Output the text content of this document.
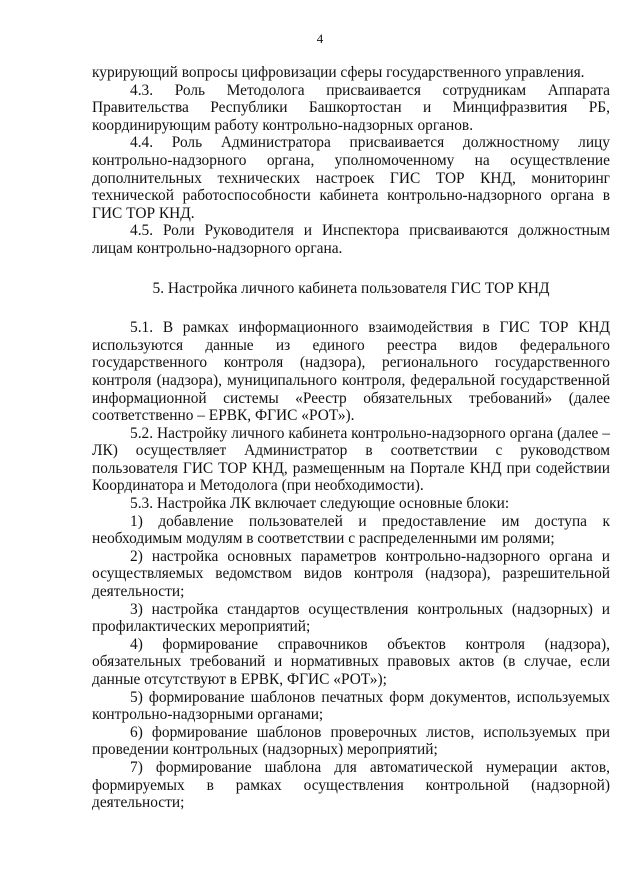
4

курирующий вопросы цифровизации сферы государственного управления.

4.3. Роль Методолога присваивается сотрудникам Аппарата Правительства Республики Башкортостан и Минцифразвития РБ, координирующим работу контрольно-надзорных органов.

4.4. Роль Администратора присваивается должностному лицу контрольно-надзорного органа, уполномоченному на осуществление дополнительных технических настроек ГИС ТОР КНД, мониторинг технической работоспособности кабинета контрольно-надзорного органа в ГИС ТОР КНД.

4.5. Роли Руководителя и Инспектора присваиваются должностным лицам контрольно-надзорного органа.

5. Настройка личного кабинета пользователя ГИС ТОР КНД

5.1. В рамках информационного взаимодействия в ГИС ТОР КНД используются данные из единого реестра видов федерального государственного контроля (надзора), регионального государственного контроля (надзора), муниципального контроля, федеральной государственной информационной системы «Реестр обязательных требований» (далее соответственно – ЕРВК, ФГИС «РОТ»).

5.2. Настройку личного кабинета контрольно-надзорного органа (далее – ЛК) осуществляет Администратор в соответствии с руководством пользователя ГИС ТОР КНД, размещенным на Портале КНД при содействии Координатора и Методолога (при необходимости).

5.3. Настройка ЛК включает следующие основные блоки:

1) добавление пользователей и предоставление им доступа к необходимым модулям в соответствии с распределенными им ролями;
2) настройка основных параметров контрольно-надзорного органа и осуществляемых ведомством видов контроля (надзора), разрешительной деятельности;
3) настройка стандартов осуществления контрольных (надзорных) и профилактических мероприятий;
4) формирование справочников объектов контроля (надзора), обязательных требований и нормативных правовых актов (в случае, если данные отсутствуют в ЕРВК, ФГИС «РОТ»);
5) формирование шаблонов печатных форм документов, используемых контрольно-надзорными органами;
6) формирование шаблонов проверочных листов, используемых при проведении контрольных (надзорных) мероприятий;
7) формирование шаблона для автоматической нумерации актов, формируемых в рамках осуществления контрольной (надзорной) деятельности;
